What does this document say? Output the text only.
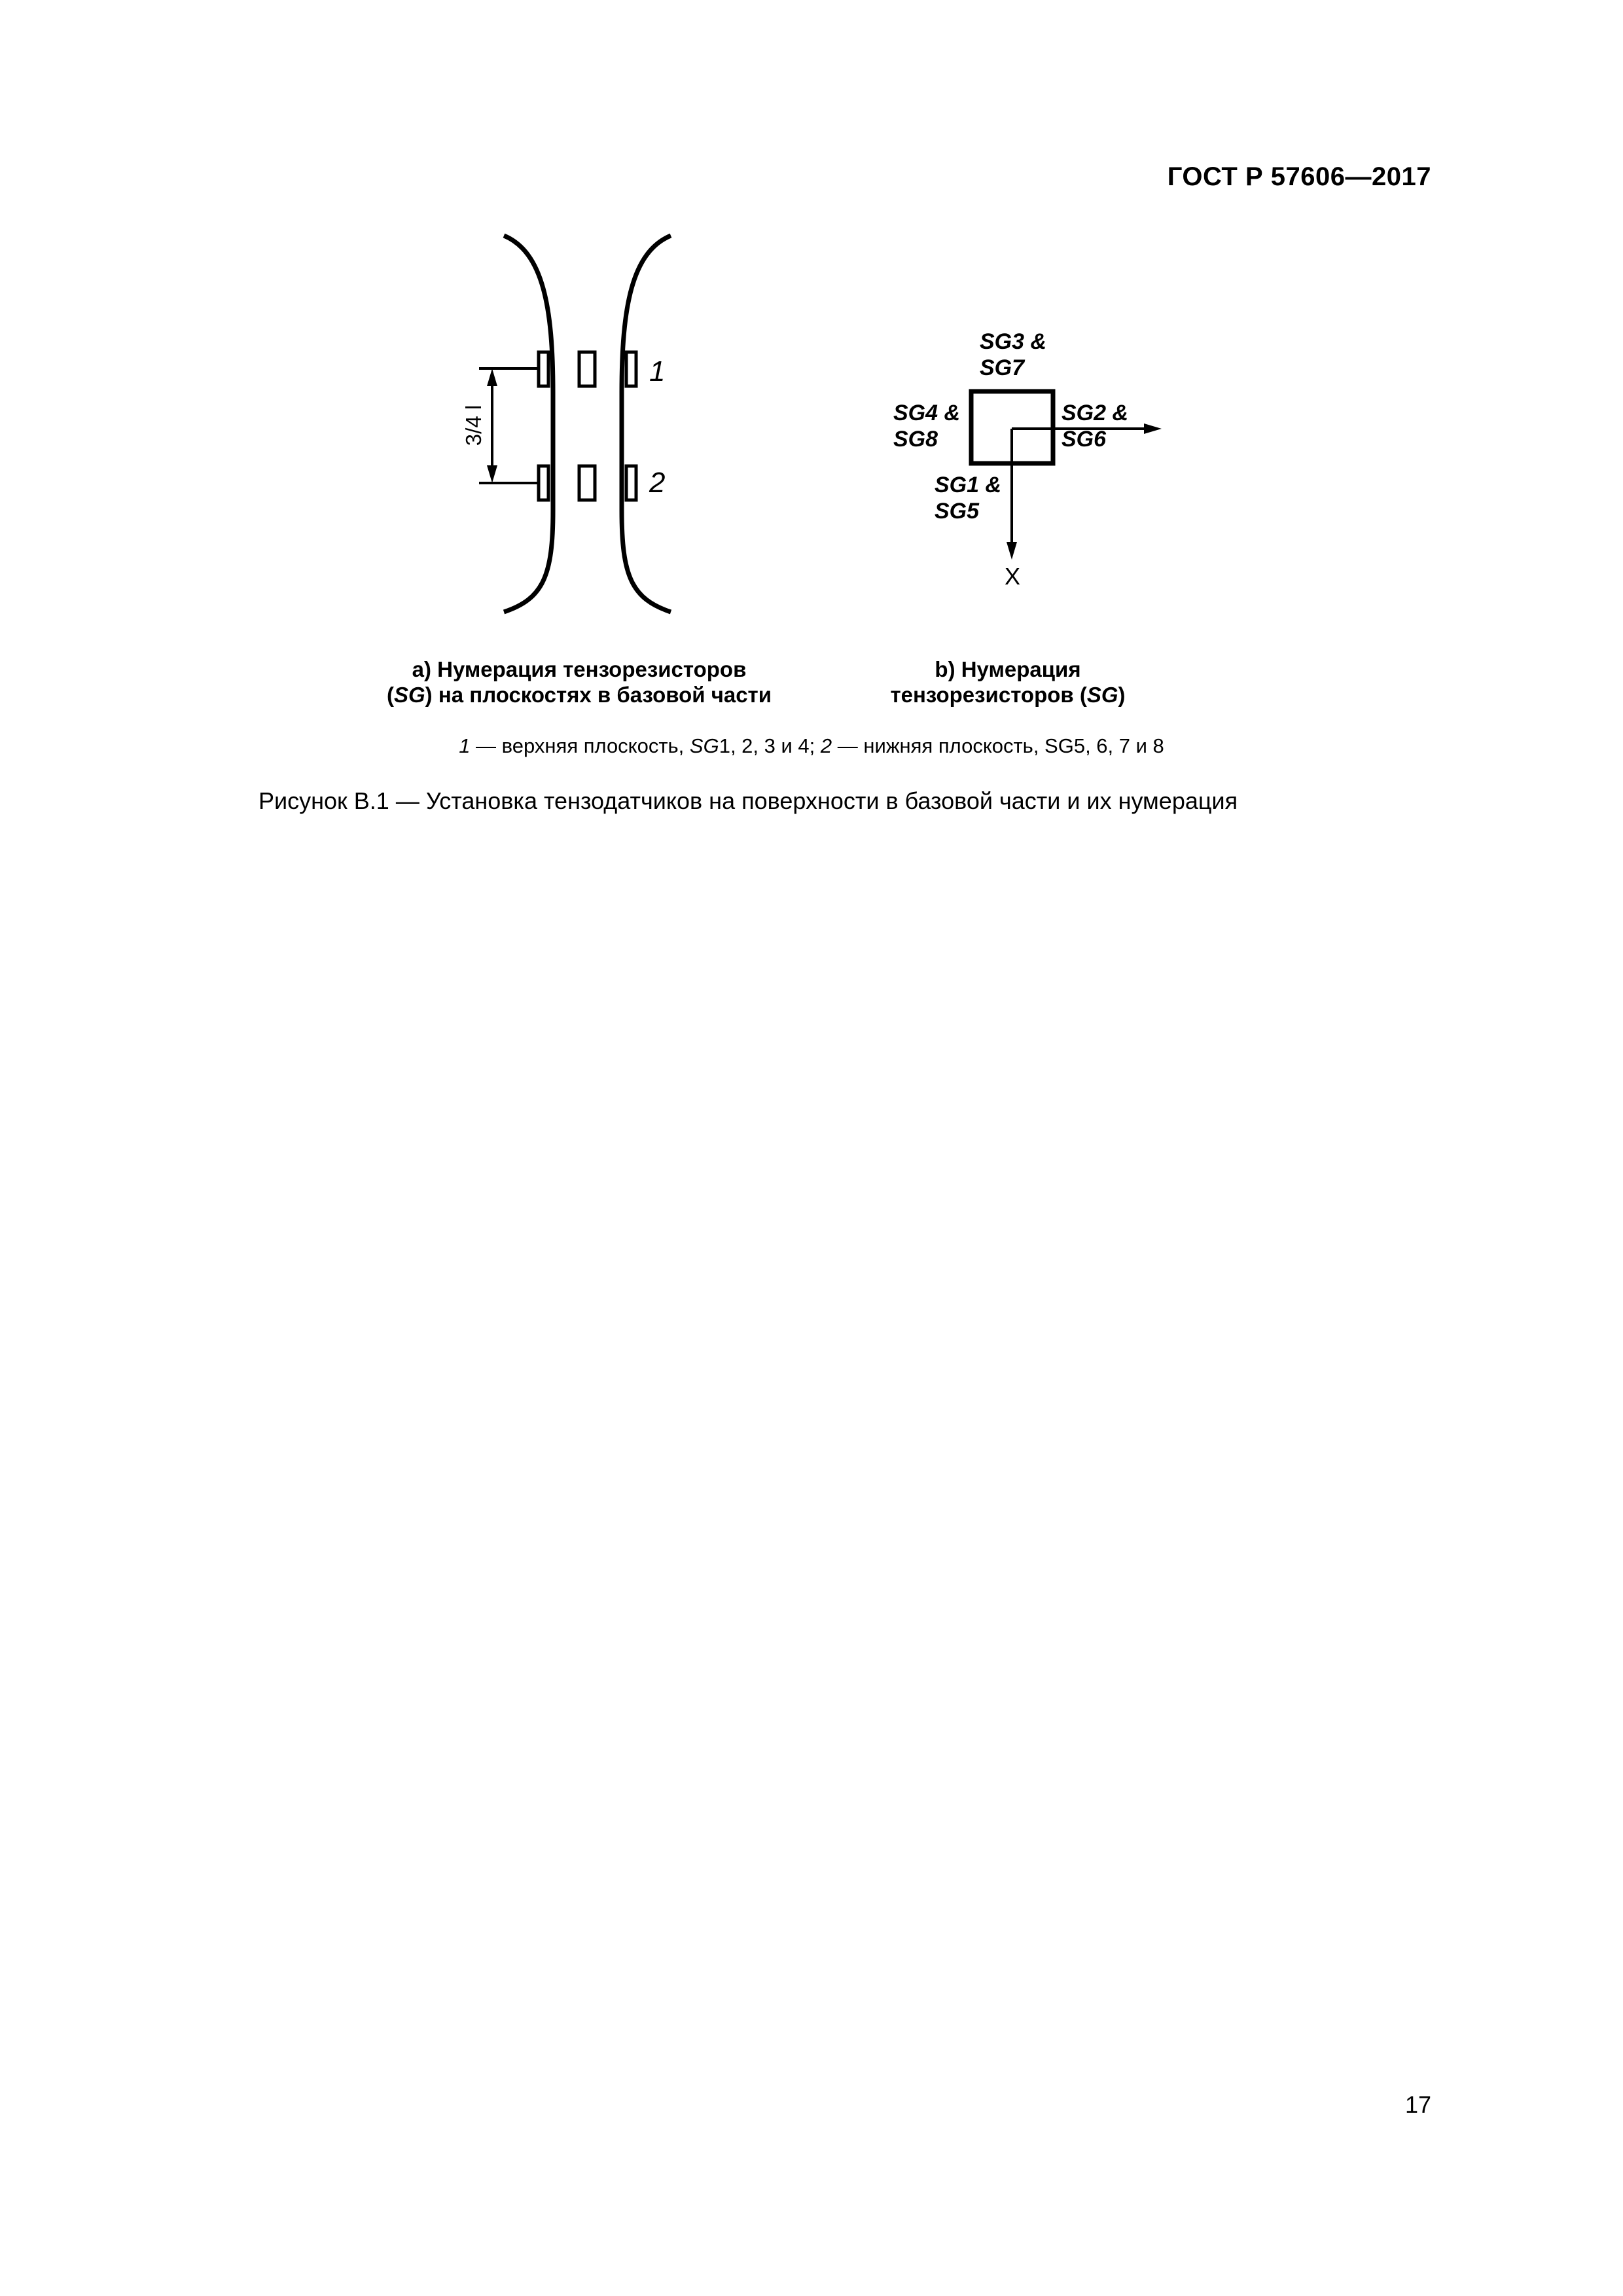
ГОСТ Р 57606—2017
3/4 l
1
2
SG3 &
SG7
SG4 &
SG8
SG2 &
SG6
SG1 &
SG5
X
а) Нумерация тензорезисторов
(SG) на плоскостях в базовой части
b) Нумерация
тензорезисторов (SG)
1 — верхняя плоскость, SG1, 2, 3 и 4; 2 — нижняя плоскость, SG5, 6, 7 и 8
Рисунок В.1 — Установка тензодатчиков на поверхности в базовой части и их нумерация
17
